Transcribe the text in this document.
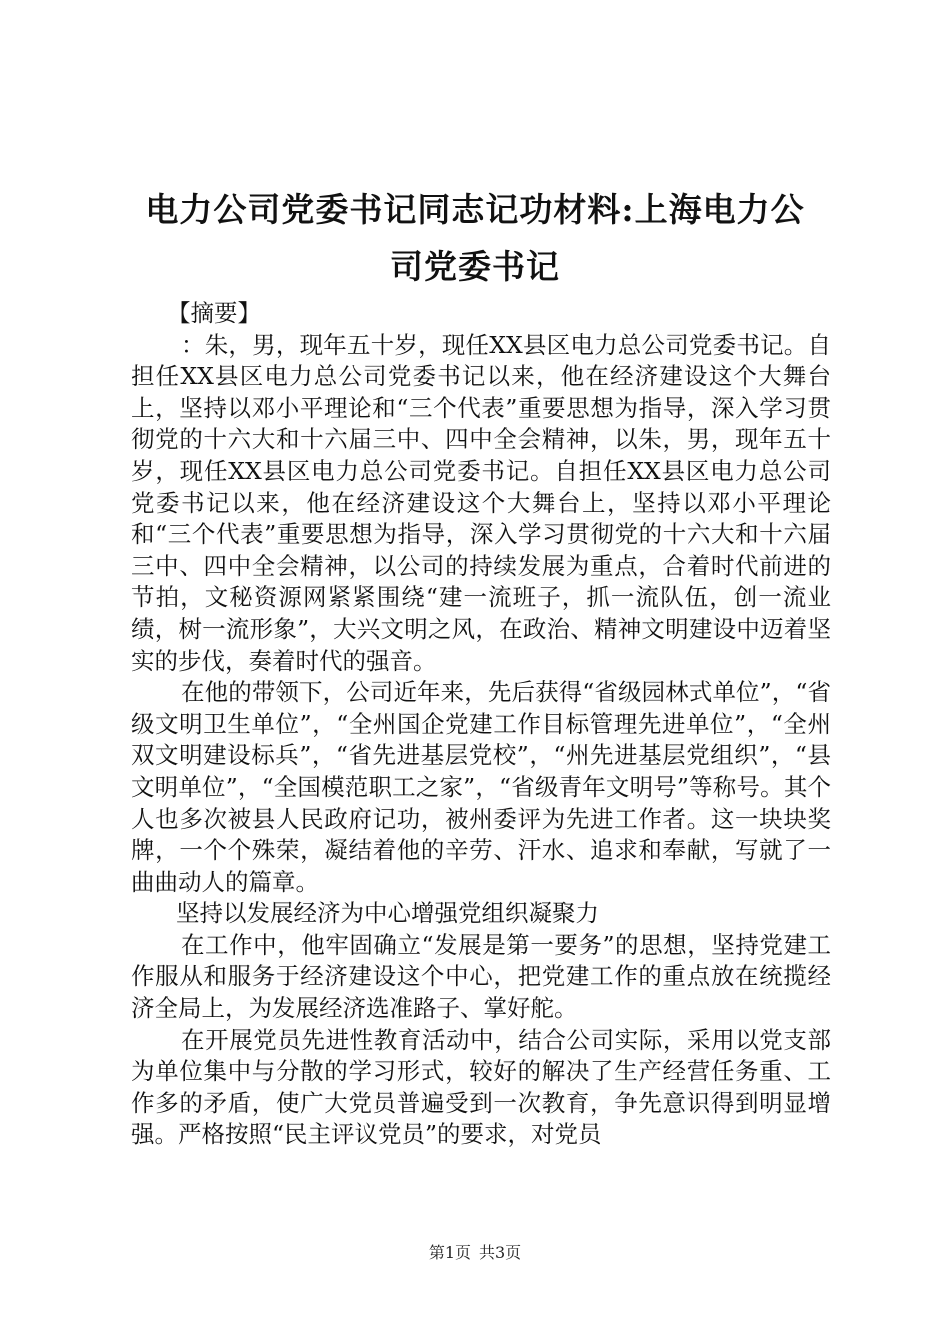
电力公司党委书记同志记功材料:上海电力公
司党委书记

【摘要】

：朱，男，现年五十岁，现任XX县区电力总公司党委书记。自担任XX县区电力总公司党委书记以来，他在经济建设这个大舞台上，坚持以邓小平理论和“三个代表”重要思想为指导，深入学习贯彻党的十六大和十六届三中、四中全会精神，以朱，男，现年五十岁，现任XX县区电力总公司党委书记。自担任XX县区电力总公司党委书记以来，他在经济建设这个大舞台上，坚持以邓小平理论和“三个代表”重要思想为指导，深入学习贯彻党的十六大和十六届三中、四中全会精神，以公司的持续发展为重点，合着时代前进的节拍，文秘资源网紧紧围绕“建一流班子，抓一流队伍，创一流业绩，树一流形象”，大兴文明之风，在政治、精神文明建设中迈着坚实的步伐，奏着时代的强音。

在他的带领下，公司近年来，先后获得“省级园林式单位”，“省级文明卫生单位”，“全州国企党建工作目标管理先进单位”，“全州双文明建设标兵”，“省先进基层党校”，“州先进基层党组织”，“县文明单位”，“全国模范职工之家”，“省级青年文明号”等称号。其个人也多次被县人民政府记功，被州委评为先进工作者。这一块块奖牌，一个个殊荣，凝结着他的辛劳、汗水、追求和奉献，写就了一曲曲动人的篇章。

坚持以发展经济为中心增强党组织凝聚力

在工作中，他牢固确立“发展是第一要务”的思想，坚持党建工作服从和服务于经济建设这个中心，把党建工作的重点放在统揽经济全局上，为发展经济选准路子、掌好舵。

在开展党员先进性教育活动中，结合公司实际，采用以党支部为单位集中与分散的学习形式，较好的解决了生产经营任务重、工作多的矛盾，使广大党员普遍受到一次教育，争先意识得到明显增强。严格按照“民主评议党员”的要求，对党员

第1页 共3页
